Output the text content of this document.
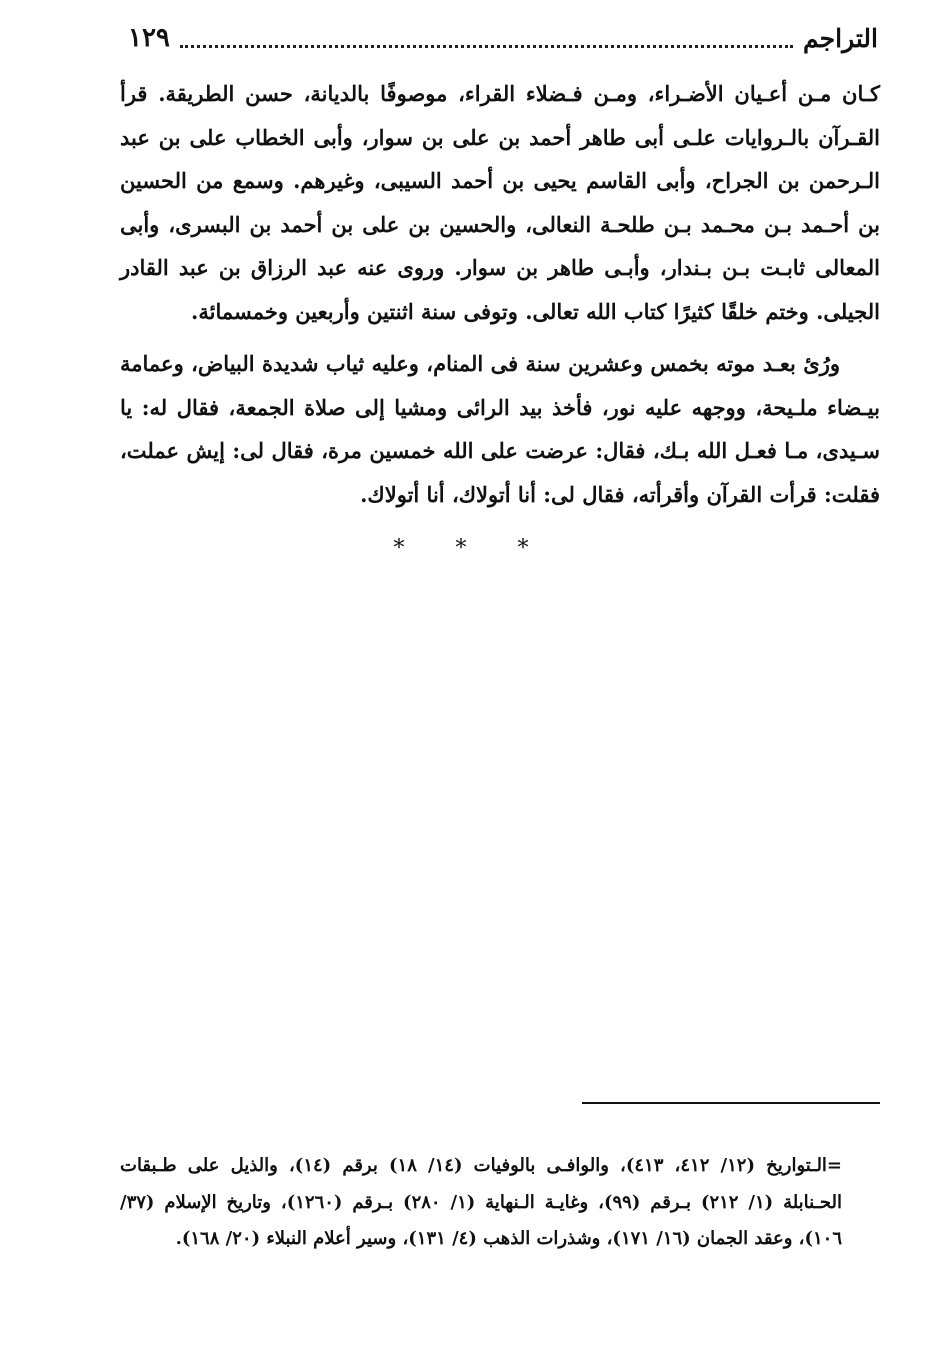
التراجم
١٢٩

كـان مـن أعـيان الأضـراء، ومـن فـضلاء القراء، موصوفًا بالديانة، حسن الطريقة. قرأ القـرآن بالـروايات علـى أبى طاهر أحمد بن على بن سوار، وأبى الخطاب على بن عبد الـرحمن بن الجراح، وأبى القاسم يحيى بن أحمد السيبى، وغيرهم. وسمع من الحسين بن أحـمد بـن محـمد بـن طلحـة النعالى، والحسين بن على بن أحمد بن البسرى، وأبى المعالى ثابـت بـن بـندار، وأبـى طاهر بن سوار. وروى عنه عبد الرزاق بن عبد القادر الجيلى. وختم خلقًا كثيرًا كتاب الله تعالى. وتوفى سنة اثنتين وأربعين وخمسمائة.

ورُئ بعـد موته بخمس وعشرين سنة فى المنام، وعليه ثياب شديدة البياض، وعمامة بيـضاء ملـيحة، ووجهه عليه نور، فأخذ بيد الرائى ومشيا إلى صلاة الجمعة، فقال له: يا سـيدى، مـا فعـل الله بـك، فقال: عرضت على الله خمسين مرة، فقال لى: إيش عملت، فقلت: قرأت القرآن وأقرأته، فقال لى: أنا أتولاك، أنا أتولاك.

* * *
=الـتواريخ (١٢/ ٤١٢، ٤١٣)، والوافـى بالوفيات (١٤/ ١٨) برقم (١٤)، والذيل على طـبقات الحـنابلة (١/ ٢١٢) بـرقم (٩٩)، وغايـة الـنهاية (١/ ٢٨٠) بـرقم (١٢٦٠)، وتاريخ الإسلام (٣٧/ ١٠٦)، وعقد الجمان (١٦/ ١٧١)، وشذرات الذهب (٤/ ١٣١)، وسير أعلام النبلاء (٢٠/ ١٦٨).
